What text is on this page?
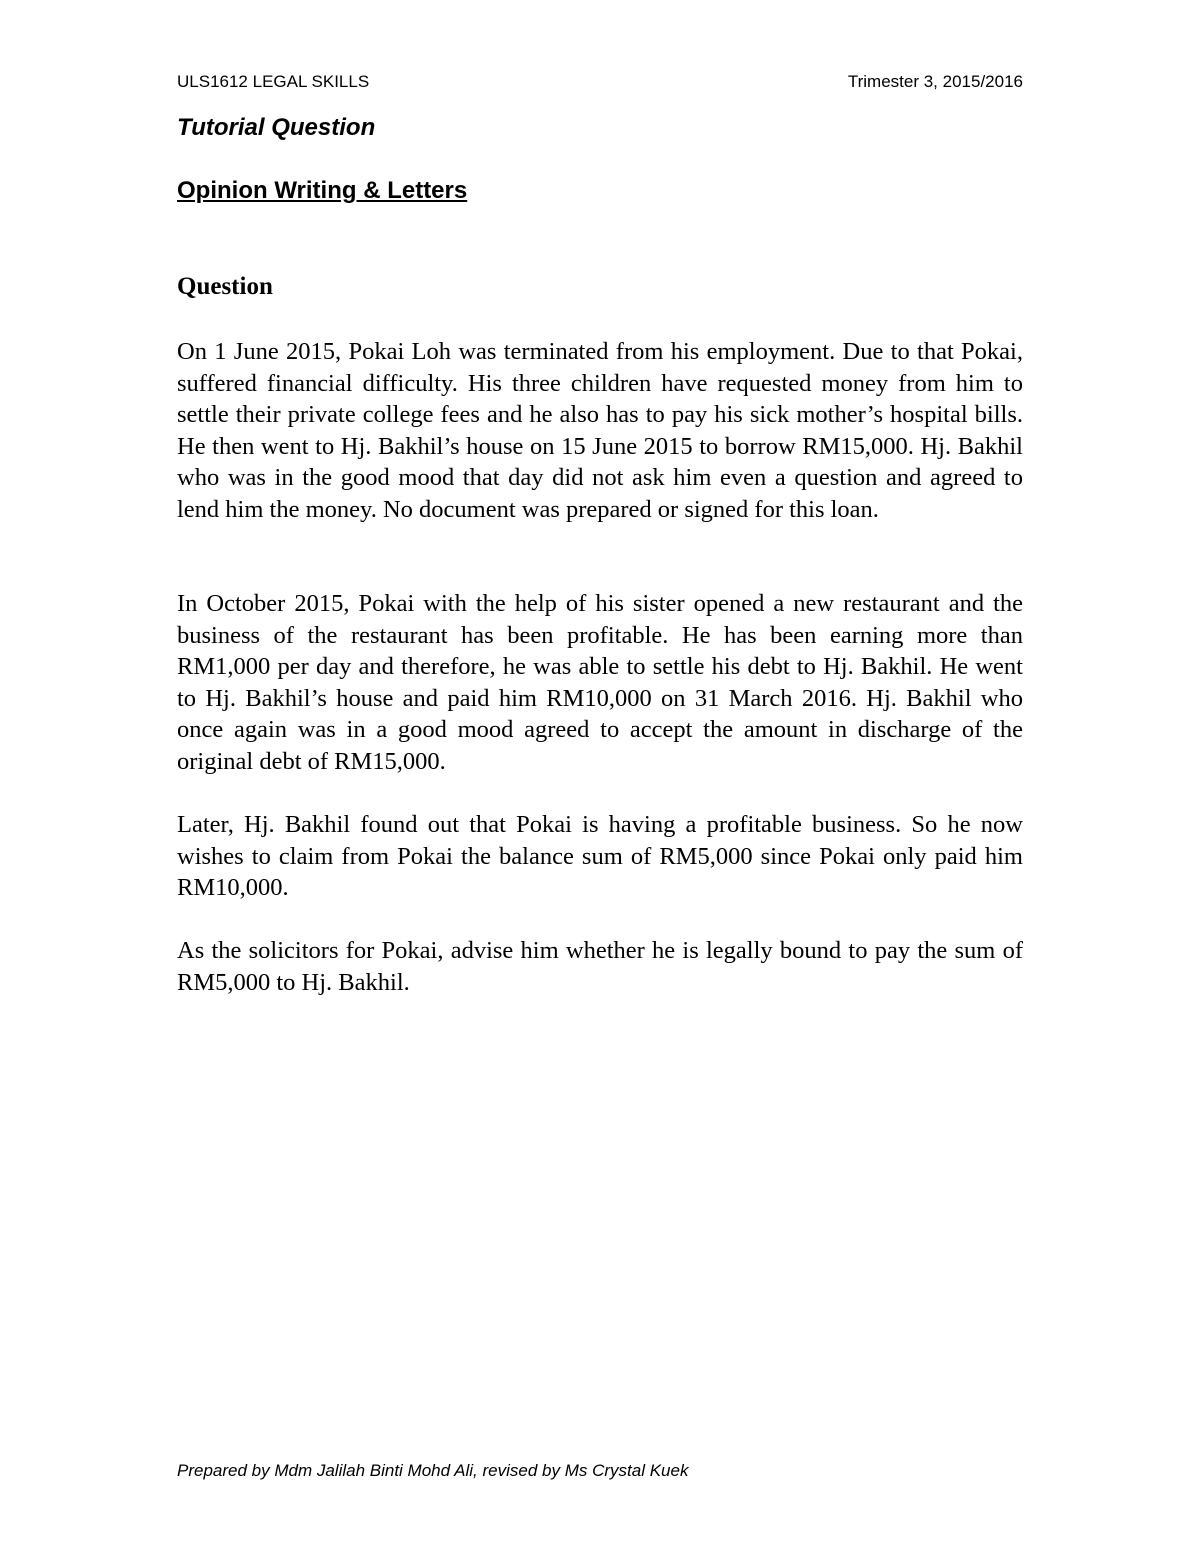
ULS1612 LEGAL SKILLS	Trimester 3, 2015/2016
Tutorial Question
Opinion Writing & Letters
Question

On 1 June 2015, Pokai Loh was terminated from his employment. Due to that Pokai, suffered financial difficulty. His three children have requested money from him to settle their private college fees and he also has to pay his sick mother’s hospital bills. He then went to Hj. Bakhil’s house on 15 June 2015 to borrow RM15,000. Hj. Bakhil who was in the good mood that day did not ask him even a question and agreed to lend him the money. No document was prepared or signed for this loan.

In October 2015, Pokai with the help of his sister opened a new restaurant and the business of the restaurant has been profitable. He has been earning more than RM1,000 per day and therefore, he was able to settle his debt to Hj. Bakhil. He went to Hj. Bakhil’s house and paid him RM10,000 on 31 March 2016. Hj. Bakhil who once again was in a good mood agreed to accept the amount in discharge of the original debt of RM15,000.

Later, Hj. Bakhil found out that Pokai is having a profitable business. So he now wishes to claim from Pokai the balance sum of RM5,000 since Pokai only paid him RM10,000.

As the solicitors for Pokai, advise him whether he is legally bound to pay the sum of RM5,000 to Hj. Bakhil.

Prepared by Mdm Jalilah Binti Mohd Ali, revised by Ms Crystal Kuek
